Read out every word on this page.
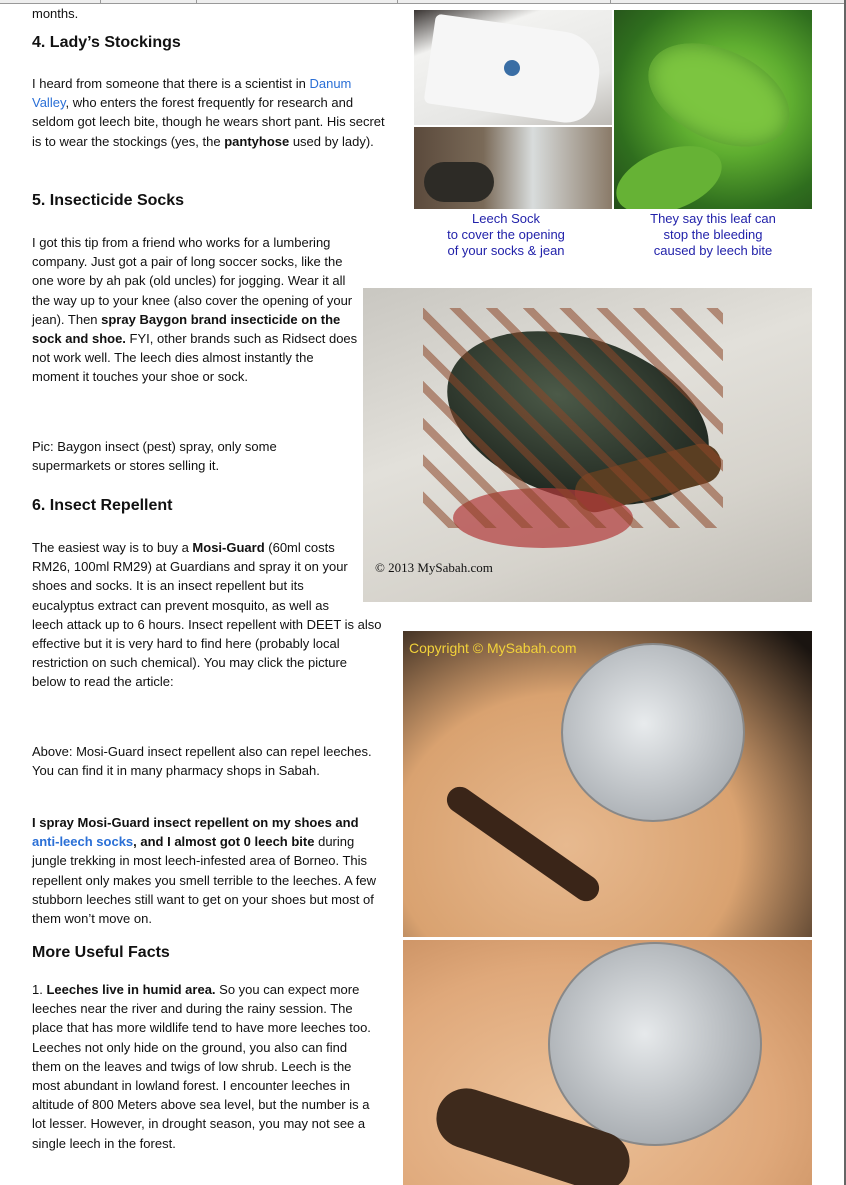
months.

4. Lady’s Stockings

I heard from someone that there is a scientist in Danum Valley, who enters the forest frequently for research and seldom got leech bite, though he wears short pant. His secret is to wear the stockings (yes, the pantyhose used by lady).

5. Insecticide Socks

I got this tip from a friend who works for a lumbering company. Just got a pair of long soccer socks, like the one wore by ah pak (old uncles) for jogging. Wear it all the way up to your knee (also cover the opening of your jean). Then spray Baygon brand insecticide on the sock and shoe. FYI, other brands such as Ridsect does not work well. The leech dies almost instantly the moment it touches your shoe or sock.

Pic: Baygon insect (pest) spray, only some supermarkets or stores selling it.

6. Insect Repellent

The easiest way is to buy a Mosi-Guard (60ml costs RM26, 100ml RM29) at Guardians and spray it on your shoes and socks. It is an insect repellent but its eucalyptus extract can prevent mosquito, as well as leech attack up to 6 hours. Insect repellent with DEET is also effective but it is very hard to find here (probably local restriction on such chemical). You may click the picture below to read the article:

Above: Mosi-Guard insect repellent also can repel leeches. You can find it in many pharmacy shops in Sabah.

I spray Mosi-Guard insect repellent on my shoes and anti-leech socks, and I almost got 0 leech bite during jungle trekking in most leech-infested area of Borneo. This repellent only makes you smell terrible to the leeches. A few stubborn leeches still want to get on your shoes but most of them won’t move on.

More Useful Facts

1. Leeches live in humid area. So you can expect more leeches near the river and during the rainy session. The place that has more wildlife tend to have more leeches too. Leeches not only hide on the ground, you also can find them on the leaves and twigs of low shrub. Leech is the most abundant in lowland forest. I encounter leeches in altitude of 800 Meters above sea level, but the number is a lot lesser. However, in drought season, you may not see a single leech in the forest.

Leech Sock
to cover the opening
of your socks & jean
They say this leaf can
stop the bleeding
caused by leech bite
© 2013 MySabah.com
Copyright © MySabah.com
